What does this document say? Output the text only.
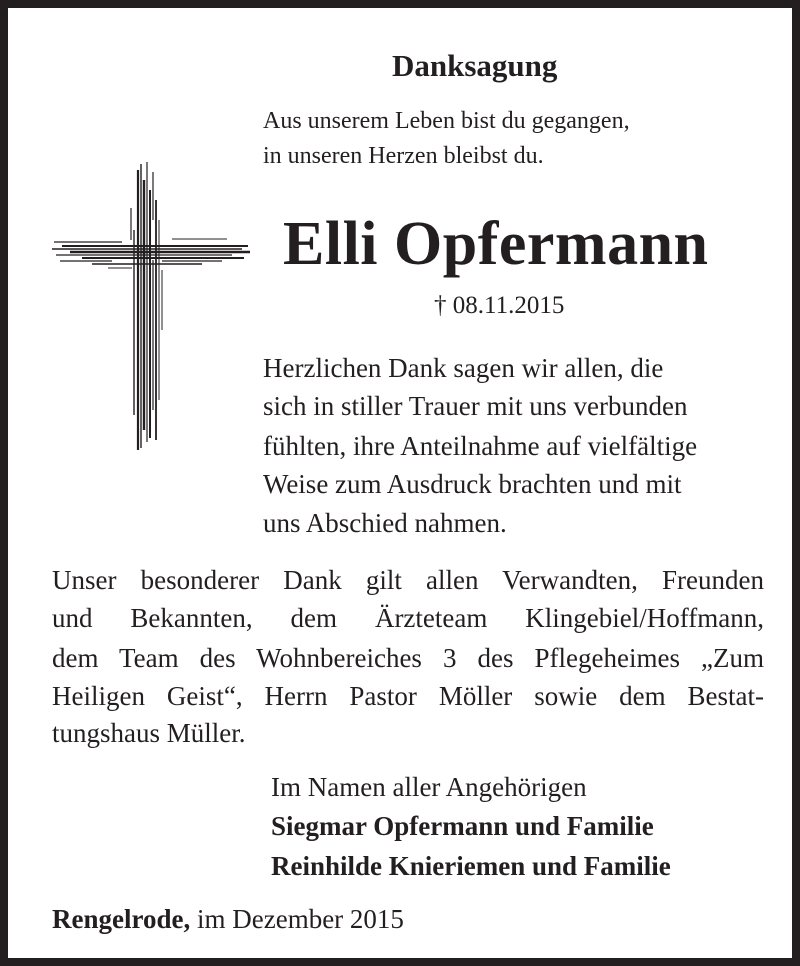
Danksagung
Aus unserem Leben bist du gegangen,
in unseren Herzen bleibst du.
Elli Opfermann
† 08.11.2015
Herzlichen Dank sagen wir allen, die
sich in stiller Trauer mit uns verbunden
fühlten, ihre Anteilnahme auf vielfältige
Weise zum Ausdruck brachten und mit
uns Abschied nahmen.
Unser besonderer Dank gilt allen Verwandten, Freunden
und Bekannten, dem Ärzteteam Klingebiel/Hoffmann,
dem Team des Wohnbereiches 3 des Pflegeheimes „Zum
Heiligen Geist“, Herrn Pastor Möller sowie dem Bestat-
tungshaus Müller.
Im Namen aller Angehörigen
Siegmar Opfermann und Familie
Reinhilde Knieriemen und Familie
Rengelrode, im Dezember 2015
